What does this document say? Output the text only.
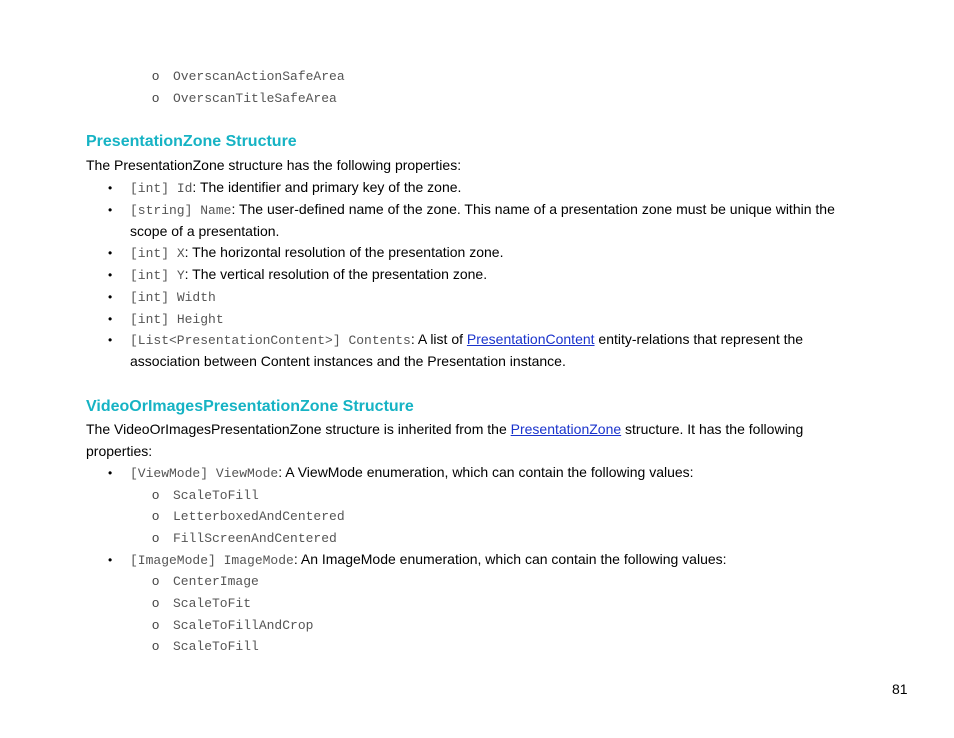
o OverscanActionSafeArea
o OverscanTitleSafeArea
PresentationZone Structure
The PresentationZone structure has the following properties:
• [int] Id: The identifier and primary key of the zone.
• [string] Name: The user-defined name of the zone. This name of a presentation zone must be unique within the
scope of a presentation.
• [int] X: The horizontal resolution of the presentation zone.
• [int] Y: The vertical resolution of the presentation zone.
• [int] Width
• [int] Height
• [List<PresentationContent>] Contents: A list of PresentationContent entity-relations that represent the
association between Content instances and the Presentation instance.
VideoOrImagesPresentationZone Structure
The VideoOrImagesPresentationZone structure is inherited from the PresentationZone structure. It has the following
properties:
• [ViewMode] ViewMode: A ViewMode enumeration, which can contain the following values:
o ScaleToFill
o LetterboxedAndCentered
o FillScreenAndCentered
• [ImageMode] ImageMode: An ImageMode enumeration, which can contain the following values:
o CenterImage
o ScaleToFit
o ScaleToFillAndCrop
o ScaleToFill
81
